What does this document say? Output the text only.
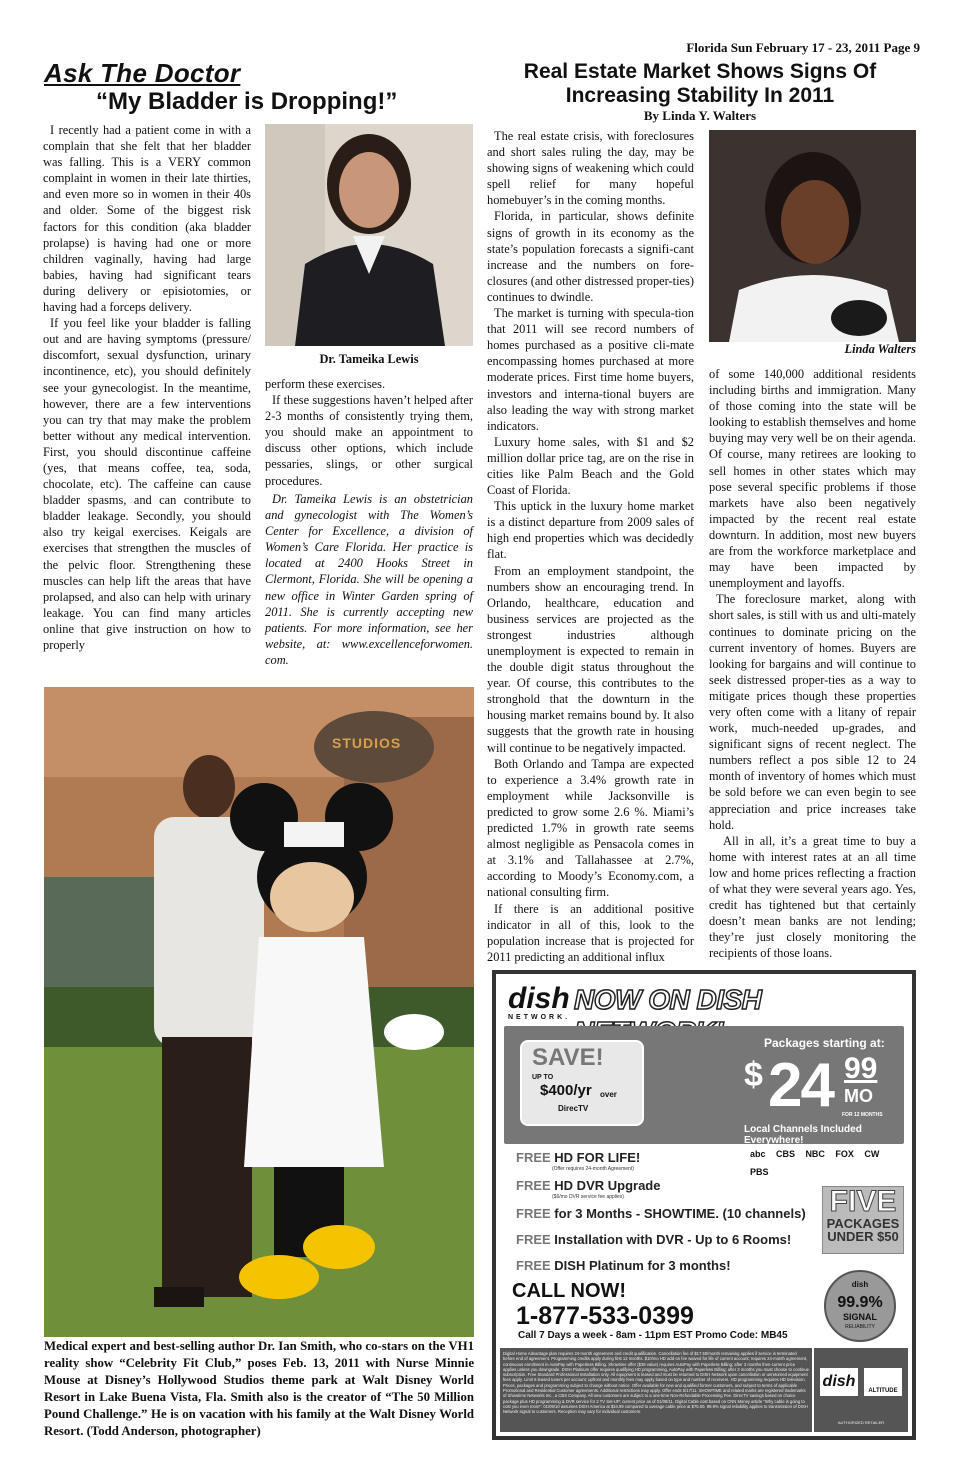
Florida Sun February 17 - 23, 2011 Page 9
Ask The Doctor
“My Bladder is Dropping!”

I recently had a patient come in with a complain that she felt that her bladder was falling. This is a VERY common complaint in women in their late thirties, and even more so in women in their 40s and older. Some of the biggest risk factors for this condition (aka bladder prolapse) is having had one or more children vaginally, having had large babies, having had significant tears during delivery or episiotomies, or having had a forceps delivery.

If you feel like your bladder is falling out and are having symptoms (pressure/ discomfort, sexual dysfunction, urinary incontinence, etc), you should definitely see your gynecologist. In the meantime, however, there are a few interventions you can try that may make the problem better without any medical intervention. First, you should discontinue caffeine (yes, that means coffee, tea, soda, chocolate, etc). The caffeine can cause bladder spasms, and can contribute to bladder leakage. Secondly, you should also try keigal exercises. Keigals are exercises that strengthen the muscles of the pelvic floor. Strengthening these muscles can help lift the areas that have prolapsed, and also can help with urinary leakage. You can find many articles online that give instruction on how to properly

Dr. Tameika Lewis

perform these exercises.

If these suggestions haven’t helped after 2-3 months of consistently trying them, you should make an appointment to discuss other options, which include pessaries, slings, or other surgical procedures.

Dr. Tameika Lewis is an obstetrician and gynecologist with The Women’s Center for Excellence, a division of Women’s Care Florida. Her practice is located at 2400 Hooks Street in Clermont, Florida. She will be opening a new office in Winter Garden spring of 2011. She is currently accepting new patients. For more information, see her website, at: www.excellenceforwomen. com.

STUDIOS
Medical expert and best-selling author Dr. Ian Smith, who co-stars on the VH1 reality show “Celebrity Fit Club,” poses Feb. 13, 2011 with Nurse Minnie Mouse at Disney’s Hollywood Studios theme park at Walt Disney World Resort in Lake Buena Vista, Fla. Smith also is the creator of “The 50 Million Pound Challenge.” He is on vacation with his family at the Walt Disney World Resort. (Todd Anderson, photographer)
Real Estate Market Shows Signs Of Increasing Stability In 2011
By Linda Y. Walters

The real estate crisis, with foreclosures and short sales ruling the day, may be showing signs of weakening which could spell relief for many hopeful homebuyer’s in the coming months.

Florida, in particular, shows definite signs of growth in its economy as the state’s population forecasts a signifi-cant increase and the numbers on fore-closures (and other distressed proper-ties) continues to dwindle.

The market is turning with specula-tion that 2011 will see record numbers of homes purchased as a positive cli-mate encompassing homes purchased at more moderate prices. First time home buyers, investors and interna-tional buyers are also leading the way with strong market indicators.

Luxury home sales, with $1 and $2 million dollar price tag, are on the rise in cities like Palm Beach and the Gold Coast of Florida.

This uptick in the luxury home market is a distinct departure from 2009 sales of high end properties which was decidedly flat.

From an employment standpoint, the numbers show an encouraging trend. In Orlando, healthcare, education and business services are projected as the strongest industries although unemployment is expected to remain in the double digit status throughout the year. Of course, this contributes to the stronghold that the downturn in the housing market remains bound by. It also suggests that the growth rate in housing will continue to be negatively impacted.

Both Orlando and Tampa are expected to experience a 3.4% growth rate in employment while Jacksonville is predicted to grow some 2.6 %. Miami’s predicted 1.7% in growth rate seems almost negligible as Pensacola comes in at 3.1% and Tallahassee at 2.7%, according to Moody’s Economy.com, a national consulting firm.

If there is an additional positive indicator in all of this, look to the population increase that is projected for 2011 predicting an additional influx

Linda Walters

of some 140,000 additional residents including births and immigration. Many of those coming into the state will be looking to establish themselves and home buying may very well be on their agenda. Of course, many retirees are looking to sell homes in other states which may pose several specific problems if those markets have also been negatively impacted by the recent real estate downturn. In addition, most new buyers are from the workforce marketplace and may have been impacted by unemployment and layoffs.

The foreclosure market, along with short sales, is still with us and ulti-mately continues to dominate pricing on the current inventory of homes. Buyers are looking for bargains and will continue to seek distressed proper-ties as a way to mitigate prices though these properties very often come with a litany of repair work, much-needed up-grades, and significant signs of recent neglect. The numbers reflect a pos sible 12 to 24 month of inventory of homes which must be sold before we can even begin to see appreciation and price increases take hold.

All in all, it’s a great time to buy a home with interest rates at an all time low and home prices reflecting a fraction of what they were several years ago. Yes, credit has tightened but that certainly doesn’t mean banks are not lending; they’re just closely monitoring the recipients of those loans.

dish
NETWORK.
NOW ON DISH
SAVE!
UP TO
$400/yr over
DirecTV
Packages starting at:
$ 24 99
MO
FOR 12 MONTHS
Local Channels Included Everywhere!
abc CBS NBC FOX CW PBS
FREE HD FOR LIFE!
(Offer requires 24-month Agreement)
FREE HD DVR Upgrade
($6/mo DVR service fee applies)
FREE for 3 Months - SHOWTIME. (10 channels)
FREE Installation with DVR - Up to 6 Rooms!
FREE DISH Platinum for 3 months!
FIVE
PACKAGES
UNDER $50
CALL NOW!
1-877-533-0399
Call 7 Days a week - 8am - 11pm EST Promo Code: MB45
dish
99.9%
SIGNAL
RELIABILITY
Digital Home Advantage plan requires 24-month agreement and credit qualification. Cancellation fee of $17.50/month remaining applies if service is terminated before end of agreement. Programming credits apply during first 12 months. $10/mo HD add-on fee waived for life of current account; requires 24-month agreement, continuous enrollment in AutoPay with Paperless Billing. Showtime offer ($39 value) requires AutoPay with Paperless Billing; after 3 months then-current price applies unless you downgrade. DISH Platinum offer requires qualifying HD programming, AutoPay with Paperless Billing; after 3 months you must choose to continue subscription. Free Standard Professional Installation only. All equipment is leased and must be returned to DISH Network upon cancellation or unreturned equipment fees apply. Limit 6 leased tuners per account; upfront and monthly fees may apply based on type and number of receivers. HD programming requires HD television. Prices, packages and programming subject to change without notice. Offer available for new and qualified former customers, and subject to terms of applicable Promotional and Residential Customer agreements. Additional restrictions may apply. Offer ends 5/17/11. SHOWTIME and related marks are registered trademarks of Showtime Networks Inc., a CBS Company. All new customers are subject to a one-time Non-Refundable Processing Fee. DirecTV savings based on choice package plus HD programming & DVR service for 2 TV Set-UP; current price as of 01/06/11. Digital Cable cost based on CNN Money article "Why cable is going to cost you even more": 01/09/10 assumes DISH America at $34.99 compared to average cable price at $75.00. 99.9% signal reliability applies to transmission of DISH Network signal to customers. Reception may vary for individual customers.
dish
ALTITUDE
AUTHORIZED RETAILER
